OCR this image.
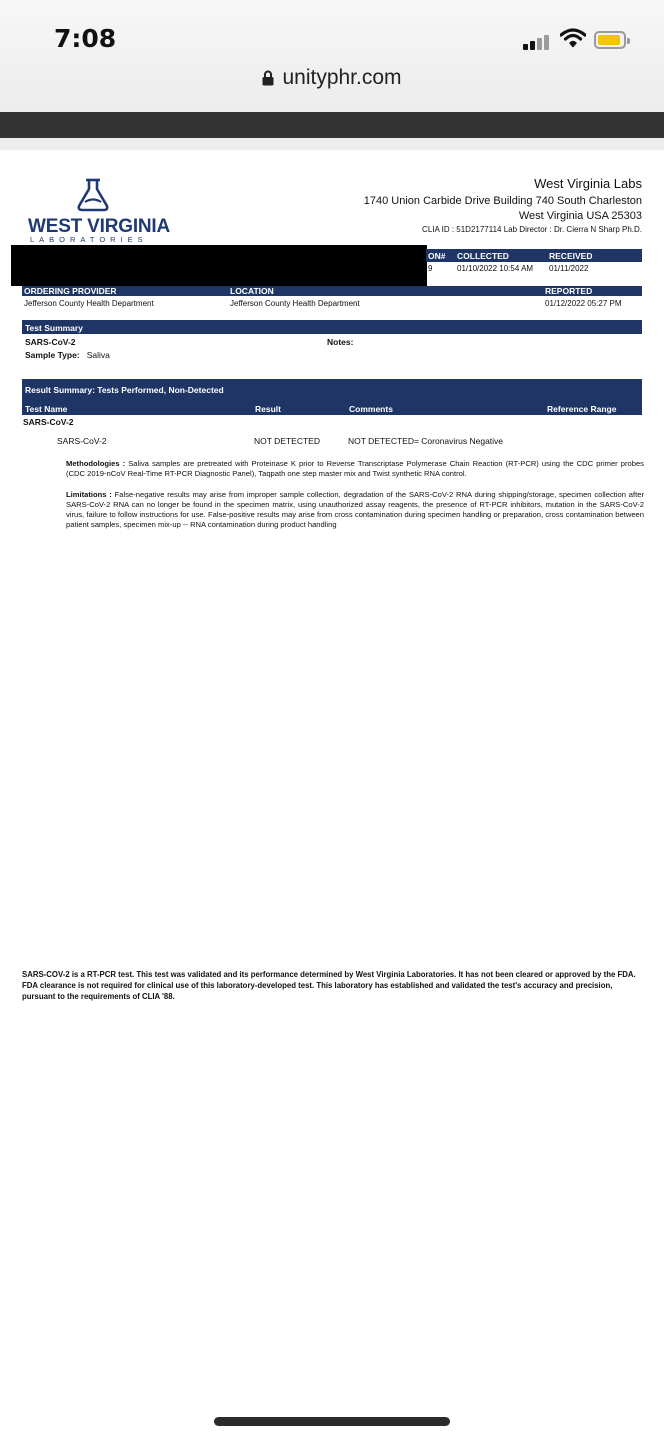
7:08
unityphr.com
WEST VIRGINIA
LABORATORIES
West Virginia Labs
1740 Union Carbide Drive Building 740 South Charleston
West Virginia USA 25303
CLIA ID : 51D2177114 Lab Director : Dr. Cierra N Sharp Ph.D.
ON# COLLECTED	RECEIVED
9	01/10/2022 10:54 AM 01/11/2022
ORDERING PROVIDER	LOCATION	REPORTED
Jefferson County Health Department	Jefferson County Health Department	01/12/2022 05:27 PM
Test Summary
SARS-CoV-2	Notes:
Sample Type: Saliva
Result Summary: Tests Performed, Non-Detected
Test Name	Result	Comments	Reference Range
SARS-CoV-2
SARS-CoV-2	NOT DETECTED	NOT DETECTED= Coronavirus Negative
Methodologies : Saliva samples are pretreated with Proteinase K prior to Reverse Transcriptase Polymerase Chain Reaction (RT-PCR) using the CDC primer probes (CDC 2019-nCoV Real-Time RT-PCR Diagnostic Panel), Taqpath one step master mix and Twist synthetic RNA control.
Limitations : False-negative results may arise from improper sample collection, degradation of the SARS-CoV-2 RNA during shipping/storage, specimen collection after SARS-CoV-2 RNA can no longer be found in the specimen matrix, using unauthorized assay reagents, the presence of RT-PCR inhibitors, mutation in the SARS-CoV-2 virus, failure to follow instructions for use. False-positive results may arise from cross contamination during specimen handling or preparation, cross contamination between patient samples, specimen mix-up -- RNA contamination during product handling
SARS-COV-2 is a RT-PCR test. This test was validated and its performance determined by West Virginia Laboratories. It has not been cleared or approved by the FDA. FDA clearance is not required for clinical use of this laboratory-developed test. This laboratory has established and validated the test's accuracy and precision, pursuant to the requirements of CLIA '88.
